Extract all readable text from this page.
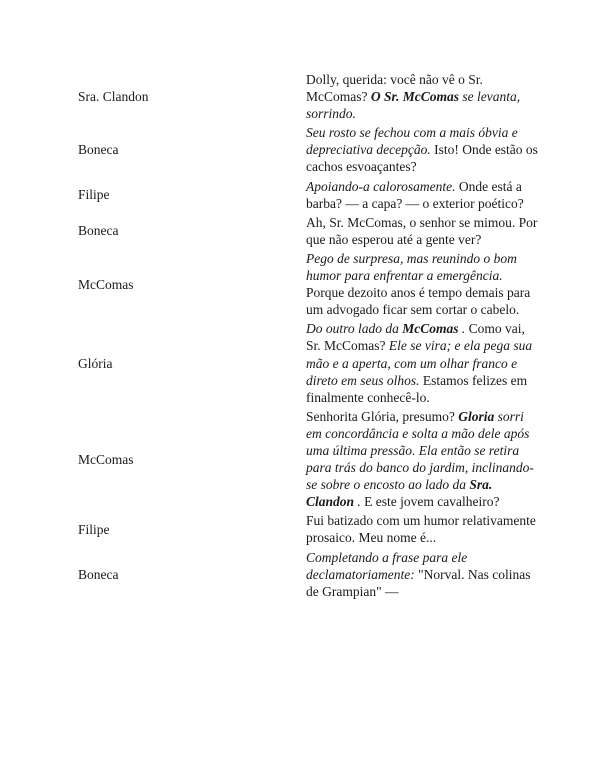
Sra. Clandon	Dolly, querida: você não vê o Sr. McComas? O Sr. McComas se levanta, sorrindo.
Boneca	Seu rosto se fechou com a mais óbvia e depreciativa decepção. Isto! Onde estão os cachos esvoaçantes?
Filipe	Apoiando-a calorosamente. Onde está a barba? — a capa? — o exterior poético?
Boneca	Ah, Sr. McComas, o senhor se mimou. Por que não esperou até a gente ver?
McComas	Pego de surpresa, mas reunindo o bom humor para enfrentar a emergência. Porque dezoito anos é tempo demais para um advogado ficar sem cortar o cabelo.
Glória	Do outro lado da McComas . Como vai, Sr. McComas? Ele se vira; e ela pega sua mão e a aperta, com um olhar franco e direto em seus olhos. Estamos felizes em finalmente conhecê-lo.
McComas	Senhorita Glória, presumo? Gloria sorri em concordância e solta a mão dele após uma última pressão. Ela então se retira para trás do banco do jardim, inclinando-se sobre o encosto ao lado da Sra. Clandon . E este jovem cavalheiro?
Filipe	Fui batizado com um humor relativamente prosaico. Meu nome é...
Boneca	Completando a frase para ele declamatoriamente: "Norval. Nas colinas de Grampian" —
